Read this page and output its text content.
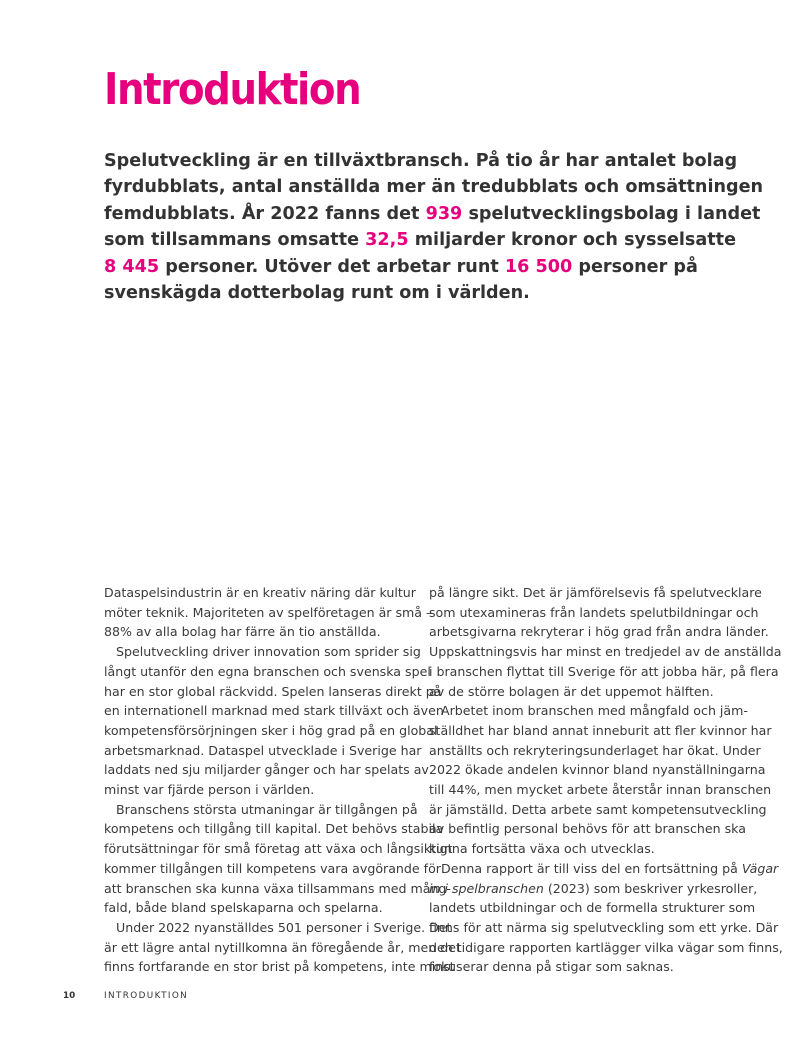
Introduktion
Spelutveckling är en tillväxtbransch. På tio år har antalet bolag
fyrdubblats, antal anställda mer än tredubblats och omsättningen
femdubblats. År 2022 fanns det 939 spelutvecklingsbolag i landet
som tillsammans omsatte 32,5 miljarder kronor och sysselsatte
8 445 personer. Utöver det arbetar runt 16 500 personer på
svenskägda dotterbolag runt om i världen.
Dataspelsindustrin är en kreativ näring där kultur
möter teknik. Majoriteten av spelföretagen är små –
88% av alla bolag har färre än tio anställda.
Spelutveckling driver innovation som sprider sig
långt utanför den egna branschen och svenska spel
har en stor global räckvidd. Spelen lanseras direkt på
en internationell marknad med stark tillväxt och även
kompetensförsörjningen sker i hög grad på en global
arbetsmarknad. Dataspel utvecklade i Sverige har
laddats ned sju miljarder gånger och har spelats av
minst var fjärde person i världen.
Branschens största utmaningar är tillgången på
kompetens och tillgång till kapital. Det behövs stabila
förutsättningar för små företag att växa och långsiktigt
kommer tillgången till kompetens vara avgörande för
att branschen ska kunna växa tillsammans med mång-
fald, både bland spelskaparna och spelarna.
Under 2022 nyanställdes 501 personer i Sverige. Det
är ett lägre antal nytillkomna än föregående år, men det
finns fortfarande en stor brist på kompetens, inte minst
på längre sikt. Det är jämförelsevis få spelutvecklare
som utexamineras från landets spelutbildningar och
arbetsgivarna rekryterar i hög grad från andra länder.
Uppskattningsvis har minst en tredjedel av de anställda
i branschen flyttat till Sverige för att jobba här, på flera
av de större bolagen är det uppemot hälften.
Arbetet inom branschen med mångfald och jäm-
ställdhet har bland annat inneburit att fler kvinnor har
anställts och rekryteringsunderlaget har ökat. Under
2022 ökade andelen kvinnor bland nyanställningarna
till 44%, men mycket arbete återstår innan branschen
är jämställd. Detta arbete samt kompetensutveckling
av befintlig personal behövs för att branschen ska
kunna fortsätta växa och utvecklas.
Denna rapport är till viss del en fortsättning på Vägar
in i spelbranschen (2023) som beskriver yrkesroller,
landets utbildningar och de formella strukturer som
finns för att närma sig spelutveckling som ett yrke. Där
den tidigare rapporten kartlägger vilka vägar som finns,
fokuserar denna på stigar som saknas.
10	INTRODUKTION
